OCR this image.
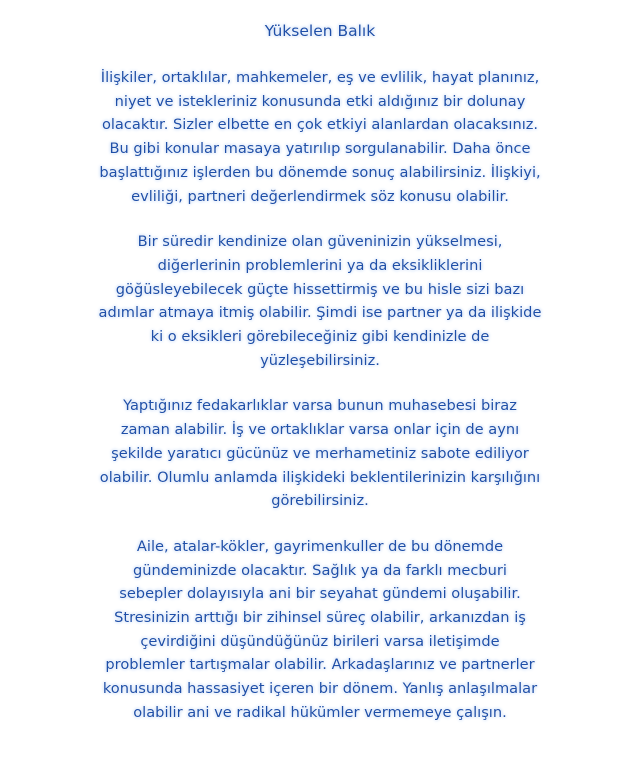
Yükselen Balık
İlişkiler, ortaklılar, mahkemeler, eş ve evlilik, hayat planınız,
niyet ve istekleriniz konusunda etki aldığınız bir dolunay
olacaktır. Sizler elbette en çok etkiyi alanlardan olacaksınız.
Bu gibi konular masaya yatırılıp sorgulanabilir. Daha önce
başlattığınız işlerden bu dönemde sonuç alabilirsiniz. İlişkiyi,
evliliği, partneri değerlendirmek söz konusu olabilir.
Bir süredir kendinize olan güveninizin yükselmesi,
diğerlerinin problemlerini ya da eksikliklerini
göğüsleyebilecek güçte hissettirmiş ve bu hisle sizi bazı
adımlar atmaya itmiş olabilir. Şimdi ise partner ya da ilişkide
ki o eksikleri görebileceğiniz gibi kendinizle de
yüzleşebilirsiniz.
Yaptığınız fedakarlıklar varsa bunun muhasebesi biraz
zaman alabilir. İş ve ortaklıklar varsa onlar için de aynı
şekilde yaratıcı gücünüz ve merhametiniz sabote ediliyor
olabilir. Olumlu anlamda ilişkideki beklentilerinizin karşılığını
görebilirsiniz.
Aile, atalar-kökler, gayrimenkuller de bu dönemde
gündeminizde olacaktır. Sağlık ya da farklı mecburi
sebepler dolayısıyla ani bir seyahat gündemi oluşabilir.
Stresinizin arttığı bir zihinsel süreç olabilir, arkanızdan iş
çevirdiğini düşündüğünüz birileri varsa iletişimde
problemler tartışmalar olabilir. Arkadaşlarınız ve partnerler
konusunda hassasiyet içeren bir dönem. Yanlış anlaşılmalar
olabilir ani ve radikal hükümler vermemeye çalışın.
